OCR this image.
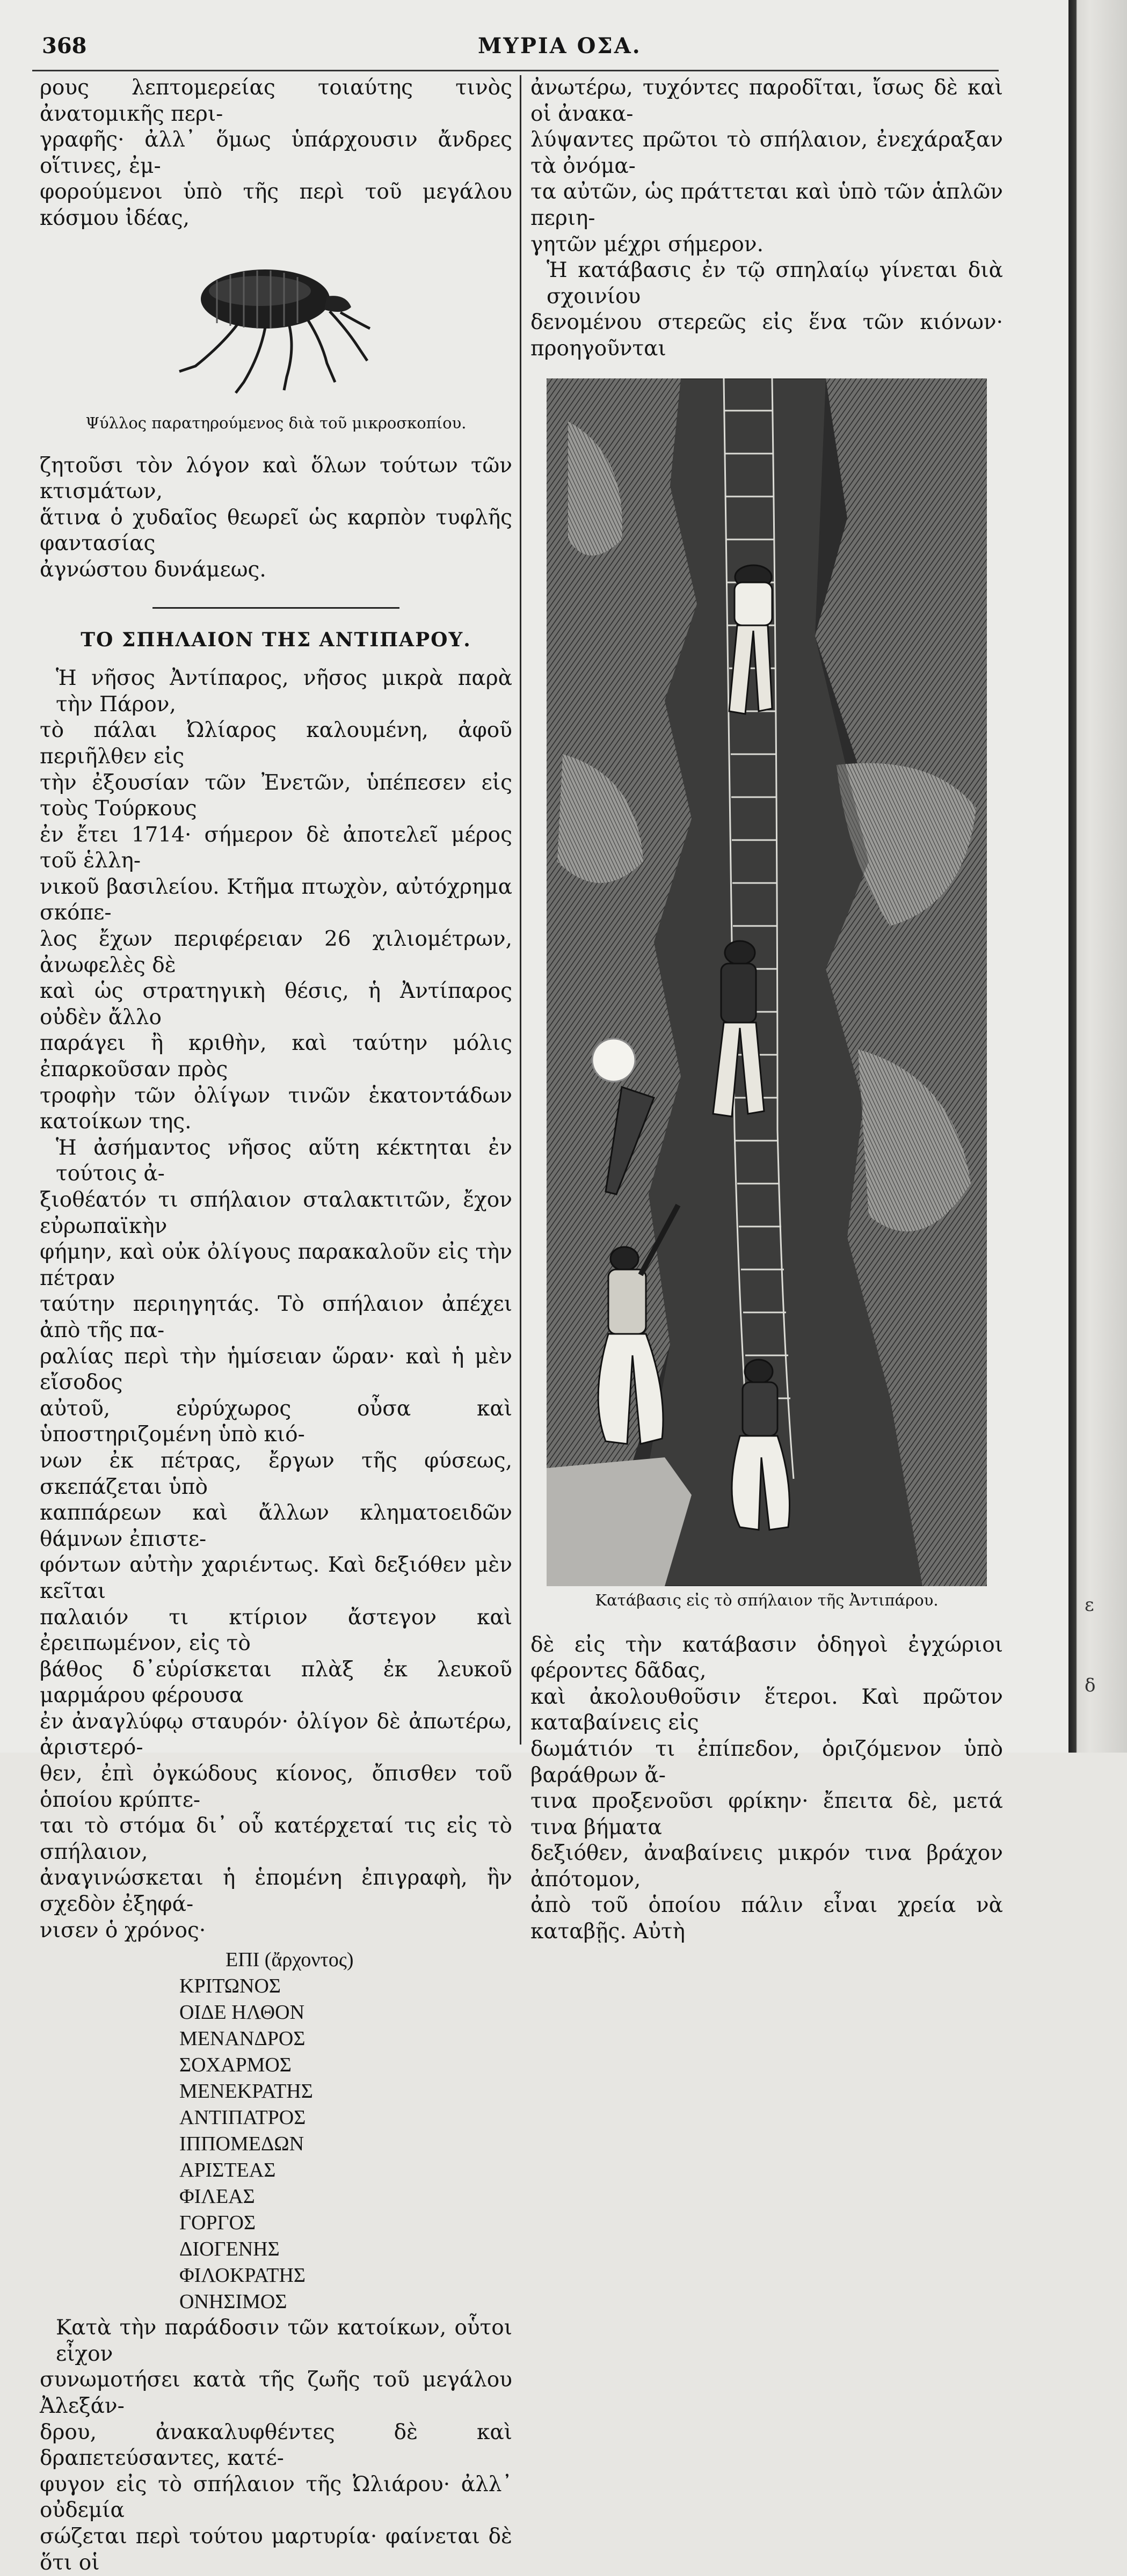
368	ΜΥΡΙΑ ΟΣΑ.
ρους λεπτομερείας τοιαύτης τινὸς ἀνατομικῆς περι-
γραφῆς· ἀλλ᾽ ὅμως ὑπάρχουσιν ἄνδρες οἵτινες, ἐμ-
φορούμενοι ὑπὸ τῆς περὶ τοῦ μεγάλου κόσμου ἰδέας,
Ψύλλος παρατηρούμενος διὰ τοῦ μικροσκοπίου.
ζητοῦσι τὸν λόγον καὶ ὅλων τούτων τῶν κτισμάτων,
ἅτινα ὁ χυδαῖος θεωρεῖ ὡς καρπὸν τυφλῆς φαντασίας
ἀγνώστου δυνάμεως.
ΤΟ ΣΠΗΛΑΙΟΝ ΤΗΣ ΑΝΤΙΠΑΡΟΥ.
Ἡ νῆσος Ἀντίπαρος, νῆσος μικρὰ παρὰ τὴν Πάρον,
τὸ πάλαι Ὠλίαρος καλουμένη, ἀφοῦ περιῆλθεν εἰς
τὴν ἐξουσίαν τῶν Ἐνετῶν, ὑπέπεσεν εἰς τοὺς Τούρκους
ἐν ἔτει 1714· σήμερον δὲ ἀποτελεῖ μέρος τοῦ ἑλλη-
νικοῦ βασιλείου. Κτῆμα πτωχὸν, αὐτόχρημα σκόπε-
λος ἔχων περιφέρειαν 26 χιλιομέτρων, ἀνωφελὲς δὲ
καὶ ὡς στρατηγικὴ θέσις, ἡ Ἀντίπαρος οὐδὲν ἄλλο
παράγει ἢ κριθὴν, καὶ ταύτην μόλις ἐπαρκοῦσαν πρὸς
τροφὴν τῶν ὀλίγων τινῶν ἑκατοντάδων κατοίκων της.
Ἡ ἀσήμαντος νῆσος αὕτη κέκτηται ἐν τούτοις ἀ-
ξιοθέατόν τι σπήλαιον σταλακτιτῶν, ἔχον εὐρωπαϊκὴν
φήμην, καὶ οὐκ ὀλίγους παρακαλοῦν εἰς τὴν πέτραν
ταύτην περιηγητάς. Τὸ σπήλαιον ἀπέχει ἀπὸ τῆς πα-
ραλίας περὶ τὴν ἡμίσειαν ὥραν· καὶ ἡ μὲν εἴσοδος
αὐτοῦ, εὐρύχωρος οὖσα καὶ ὑποστηριζομένη ὑπὸ κιό-
νων ἐκ πέτρας, ἔργων τῆς φύσεως, σκεπάζεται ὑπὸ
καππάρεων καὶ ἄλλων κληματοειδῶν θάμνων ἐπιστε-
φόντων αὐτὴν χαριέντως. Καὶ δεξιόθεν μὲν κεῖται
παλαιόν τι κτίριον ἄστεγον καὶ ἐρειπωμένον, εἰς τὸ
βάθος δ᾽εὑρίσκεται πλὰξ ἐκ λευκοῦ μαρμάρου φέρουσα
ἐν ἀναγλύφῳ σταυρόν· ὀλίγον δὲ ἀπωτέρω, ἀριστερό-
θεν, ἐπὶ ὀγκώδους κίονος, ὄπισθεν τοῦ ὁποίου κρύπτε-
ται τὸ στόμα δι᾽ οὗ κατέρχεταί τις εἰς τὸ σπήλαιον,
ἀναγινώσκεται ἡ ἑπομένη ἐπιγραφὴ, ἣν σχεδὸν ἐξηφά-
νισεν ὁ χρόνος·
ΕΠΙ (ἄρχοντος)
ΚΡΙΤΩΝΟΣ
ΟΙΔΕ ΗΛΘΟΝ
ΜΕΝΑΝΔΡΟΣ
ΣΟΧΑΡΜΟΣ
ΜΕΝΕΚΡΑΤΗΣ
ΑΝΤΙΠΑΤΡΟΣ
ΙΠΠΟΜΕΔΩΝ
ΑΡΙΣΤΕΑΣ
ΦΙΛΕΑΣ
ΓΟΡΓΟΣ
ΔΙΟΓΕΝΗΣ
ΦΙΛΟΚΡΑΤΗΣ
ΟΝΗΣΙΜΟΣ
Κατὰ τὴν παράδοσιν τῶν κατοίκων, οὗτοι εἶχον
συνωμοτήσει κατὰ τῆς ζωῆς τοῦ μεγάλου Ἀλεξάν-
δρου, ἀνακαλυφθέντες δὲ καὶ δραπετεύσαντες, κατέ-
φυγον εἰς τὸ σπήλαιον τῆς Ὠλιάρου· ἀλλ᾽ οὐδεμία
σώζεται περὶ τούτου μαρτυρία· φαίνεται δὲ ὅτι οἱ
ἀνωτέρω, τυχόντες παροδῖται, ἴσως δὲ καὶ οἱ ἀνακα-
λύψαντες πρῶτοι τὸ σπήλαιον, ἐνεχάραξαν τὰ ὀνόμα-
τα αὐτῶν, ὡς πράττεται καὶ ὑπὸ τῶν ἁπλῶν περιη-
γητῶν μέχρι σήμερον.
Ἡ κατάβασις ἐν τῷ σπηλαίῳ γίνεται διὰ σχοινίου
δενομένου στερεῶς εἰς ἕνα τῶν κιόνων· προηγοῦνται
Κατάβασις εἰς τὸ σπήλαιον τῆς Ἀντιπάρου.
δὲ εἰς τὴν κατάβασιν ὁδηγοὶ ἐγχώριοι φέροντες δᾶδας,
καὶ ἀκολουθοῦσιν ἕτεροι. Καὶ πρῶτον καταβαίνεις εἰς
δωμάτιόν τι ἐπίπεδον, ὁριζόμενον ὑπὸ βαράθρων ἄ-
τινα προξενοῦσι φρίκην· ἔπειτα δὲ, μετά τινα βήματα
δεξιόθεν, ἀναβαίνεις μικρόν τινα βράχον ἀπότομον,
ἀπὸ τοῦ ὁποίου πάλιν εἶναι χρεία νὰ καταβῇς. Αὐτὴ
ε
δ
